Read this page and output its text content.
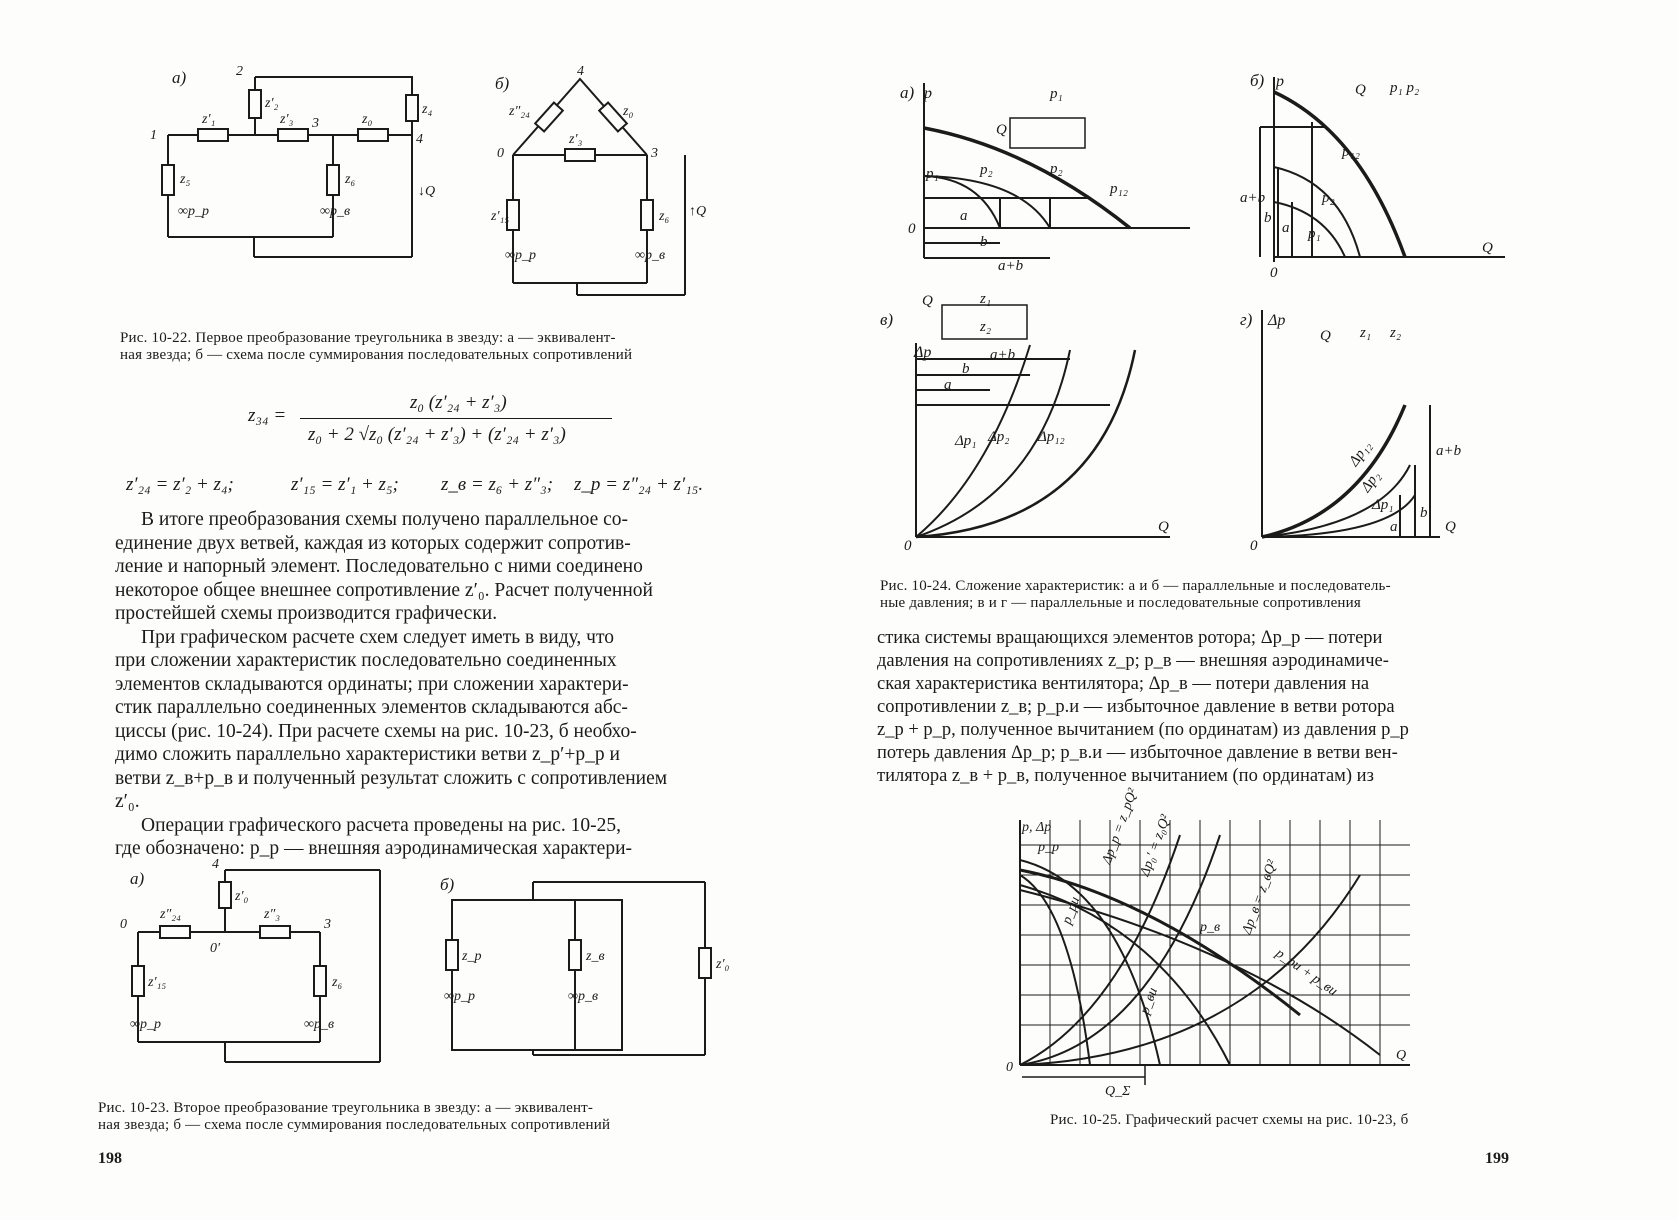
а)
1
2
3
4
z′₁	z′₃	z₀
z′₂	z₄
z₅	z₆
∞p_p	∞p_в
↓Q
б)
4
0	3
z″₂₄	z₀
z′₃
z′₁₅	z₆
∞p_p	∞p_в
↑Q
Рис. 10-22. Первое преобразование треугольника в звезду: а — эквивалент-
ная звезда; б — схема после суммирования последовательных сопротивлений
z₃₄ =
z₀ (z′₂₄ + z′₃)
z₀ + 2 √z₀ (z′₂₄ + z′₃) + (z′₂₄ + z′₃)
z′₂₄ = z′₂ + z₄;	z′₁₅ = z′₁ + z₅; z_в = z₆ + z″₃; z_p = z″₂₄ + z′₁₅.
В итоге преобразования схемы получено параллельное со-
единение двух ветвей, каждая из которых содержит сопротив-
ление и напорный элемент. Последовательно с ними соединено
некоторое общее внешнее сопротивление z′₀. Расчет полученной
простейшей схемы производится графически.
При графическом расчете схем следует иметь в виду, что
при сложении характеристик последовательно соединенных
элементов складываются ординаты; при сложении характери-
стик параллельно соединенных элементов складываются абс-
циссы (рис. 10-24). При расчете схемы на рис. 10-23, б необхо-
димо сложить параллельно характеристики ветви z_p′+p_p и
ветви z_в+p_в и полученный результат сложить с сопротивлением
z′₀.
Операции графического расчета проведены на рис. 10-25,
где обозначено: p_p — внешняя аэродинамическая характери-
а)
0
4
3
0′
z″₂₄	z″₃
z′₀
z′₁₅	z₆
∞p_p	∞p_в
б)
z_p	z_в
z′₀
∞p_p	∞p_в
Рис. 10-23. Второе преобразование треугольника в звезду: а — эквивалент-
ная звезда; б — схема после суммирования последовательных сопротивлений
198
а) p
a
b
a+b
p₁	p₂
p₁₂
0
Q
p₁
p₂
б) p
a+b
b
a
p₁₂
p₂
p₁
0
Q
Q p₁ p₂
в)
Δp
a
b
a+b
Δp₁ Δp₂ Δp₁₂
0
Q
Q	z₁
z₂	г) Δp
Δp₁₂
Δp₂
Δp₁
a+b
b
a
0
Q
Q z₁ z₂
Рис. 10-24. Сложение характеристик: а и б — параллельные и последователь-
ные давления; в и г — параллельные и последовательные сопротивления
стика системы вращающихся элементов ротора; Δp_p — потери
давления на сопротивлениях z_p; p_в — внешняя аэродинамиче-
ская характеристика вентилятора; Δp_в — потери давления на
сопротивлении z_в; p_р.и — избыточное давление в ветви ротора
z_р + p_р, полученное вычитанием (по ординатам) из давления p_р
потерь давления Δp_р; p_в.и — избыточное давление в ветви вен-
тилятора z_в + p_в, полученное вычитанием (по ординатам) из
p, Δp
0
Q
Q_Σ
p_p
p_в
p_pu
p_вu
p_pu + p_вu
Δp₀′ = z₀Q²
Δp_p = z_pQ²
Δp_в = z_вQ²
Рис. 10-25. Графический расчет схемы на рис. 10-23, б
199
